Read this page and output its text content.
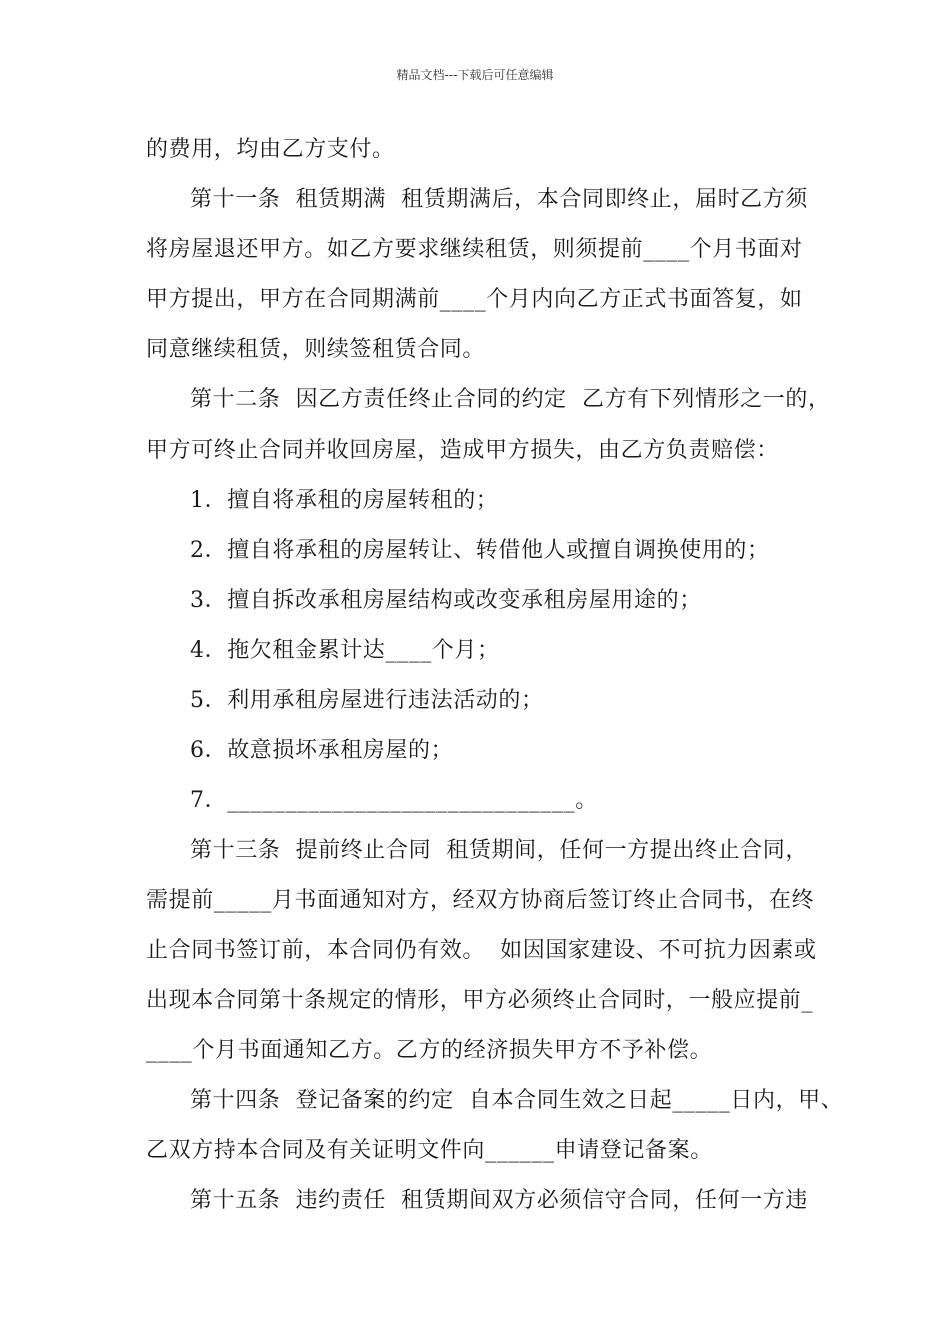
精品文档---下载后可任意编辑
的费用，均由乙方支付。
第十一条  租赁期满  租赁期满后，本合同即终止，届时乙方须
将房屋退还甲方。如乙方要求继续租赁，则须提前____个月书面对
甲方提出，甲方在合同期满前____个月内向乙方正式书面答复，如
同意继续租赁，则续签租赁合同。
第十二条  因乙方责任终止合同的约定  乙方有下列情形之一的，
甲方可终止合同并收回房屋，造成甲方损失，由乙方负责赔偿：
1．擅自将承租的房屋转租的；
2．擅自将承租的房屋转让、转借他人或擅自调换使用的；
3．擅自拆改承租房屋结构或改变承租房屋用途的；
4．拖欠租金累计达____个月；
5．利用承租房屋进行违法活动的；
6．故意损坏承租房屋的；
7．______________________________。
第十三条  提前终止合同  租赁期间，任何一方提出终止合同，
需提前_____月书面通知对方，经双方协商后签订终止合同书，在终
止合同书签订前，本合同仍有效。  如因国家建设、不可抗力因素或
出现本合同第十条规定的情形，甲方必须终止合同时，一般应提前_
____个月书面通知乙方。乙方的经济损失甲方不予补偿。
第十四条  登记备案的约定  自本合同生效之日起_____日内，甲、
乙双方持本合同及有关证明文件向______申请登记备案。
第十五条  违约责任  租赁期间双方必须信守合同，任何一方违
